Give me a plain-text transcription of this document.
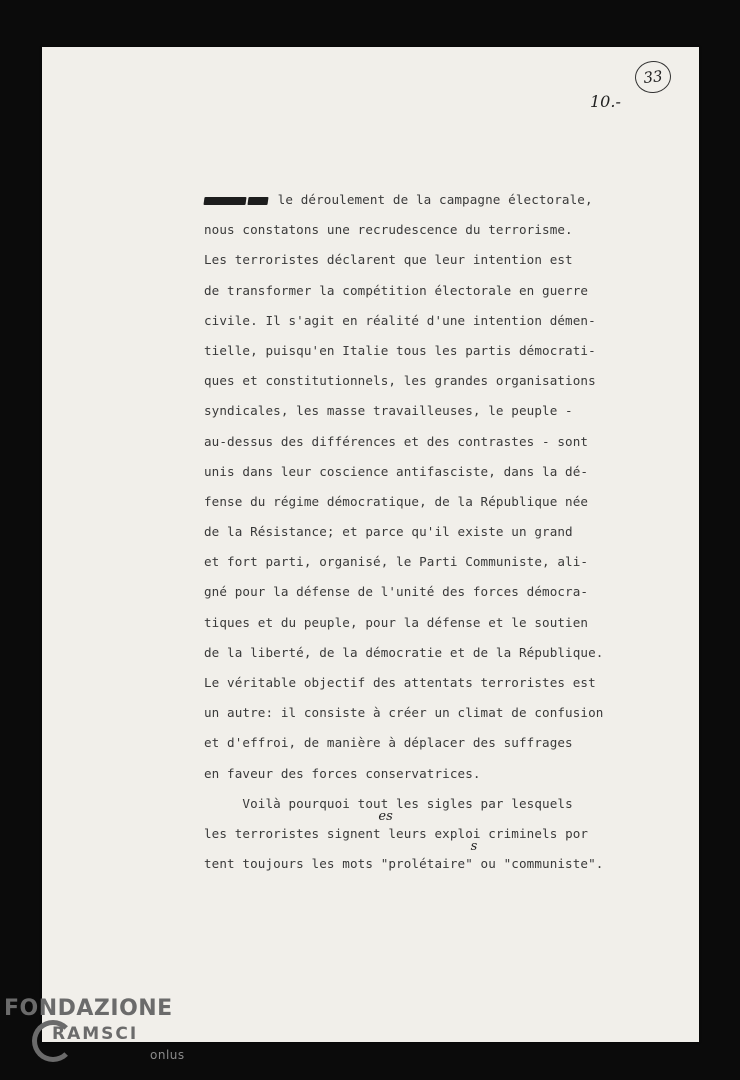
33
10.-
le déroulement de la campagne électorale,
nous constatons une recrudescence du terrorisme.
Les terroristes déclarent que leur intention est
de transformer la compétition électorale en guerre
civile. Il s'agit en réalité d'une intention démen-
tielle, puisqu'en Italie tous les partis démocrati-
ques et constitutionnels, les grandes organisations
syndicales, les masse travailleuses, le peuple -
au-dessus des différences et des contrastes - sont
unis dans leur coscience antifasciste, dans la dé-
fense du régime démocratique, de la République née
de la Résistance; et parce qu'il existe un grand
et fort parti, organisé, le Parti Communiste, ali-
gné pour la défense de l'unité des forces démocra-
tiques et du peuple, pour la défense et le soutien
de la liberté, de la démocratie et de la République.
Le véritable objectif des attentats terroristes est
un autre: il consiste à créer un climat de confusion
et d'effroi, de manière à déplacer des suffrages
en faveur des forces conservatrices.
Voilà pourquoi tout
es
les sigles par lesquels
les terroristes signent leurs exploi
s
criminels por
tent toujours les mots "prolétaire" ou "communiste".
FONDAZIONE
RAMSCI
onlus
